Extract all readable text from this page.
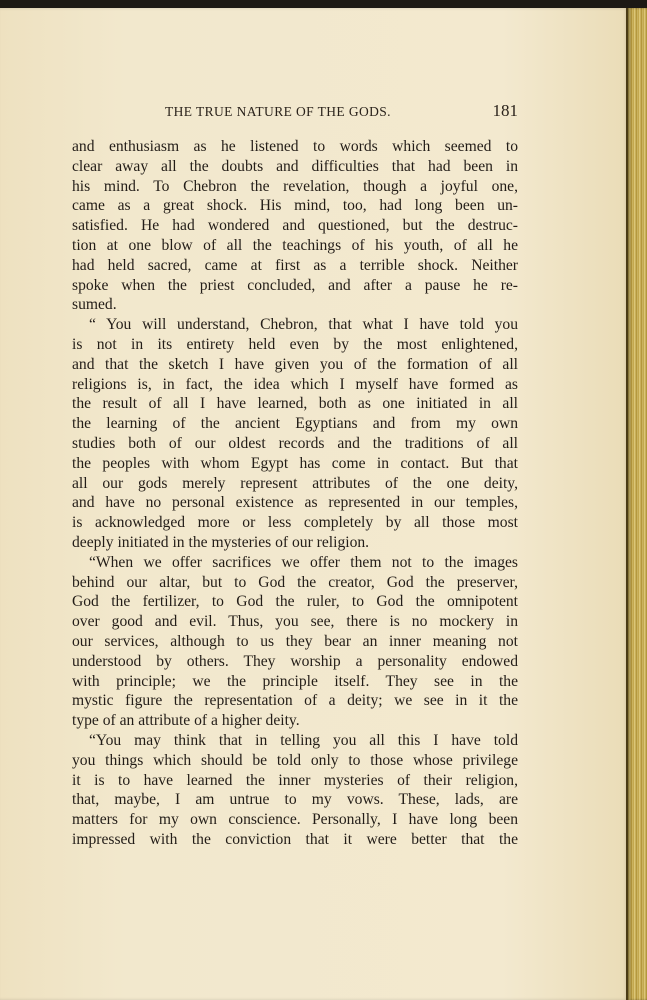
THE TRUE NATURE OF THE GODS.	181
and enthusiasm as he listened to words which seemed to
clear away all the doubts and difficulties that had been in
his mind. To Chebron the revelation, though a joyful one,
came as a great shock. His mind, too, had long been un-
satisfied. He had wondered and questioned, but the destruc-
tion at one blow of all the teachings of his youth, of all he
had held sacred, came at first as a terrible shock. Neither
spoke when the priest concluded, and after a pause he re-
sumed.
“ You will understand, Chebron, that what I have told you
is not in its entirety held even by the most enlightened,
and that the sketch I have given you of the formation of all
religions is, in fact, the idea which I myself have formed as
the result of all I have learned, both as one initiated in all
the learning of the ancient Egyptians and from my own
studies both of our oldest records and the traditions of all
the peoples with whom Egypt has come in contact. But that
all our gods merely represent attributes of the one deity,
and have no personal existence as represented in our temples,
is acknowledged more or less completely by all those most
deeply initiated in the mysteries of our religion.
“When we offer sacrifices we offer them not to the images
behind our altar, but to God the creator, God the preserver,
God the fertilizer, to God the ruler, to God the omnipotent
over good and evil. Thus, you see, there is no mockery in
our services, although to us they bear an inner meaning not
understood by others. They worship a personality endowed
with principle; we the principle itself. They see in the
mystic figure the representation of a deity; we see in it the
type of an attribute of a higher deity.
“You may think that in telling you all this I have told
you things which should be told only to those whose privilege
it is to have learned the inner mysteries of their religion,
that, maybe, I am untrue to my vows. These, lads, are
matters for my own conscience. Personally, I have long been
impressed with the conviction that it were better that the
